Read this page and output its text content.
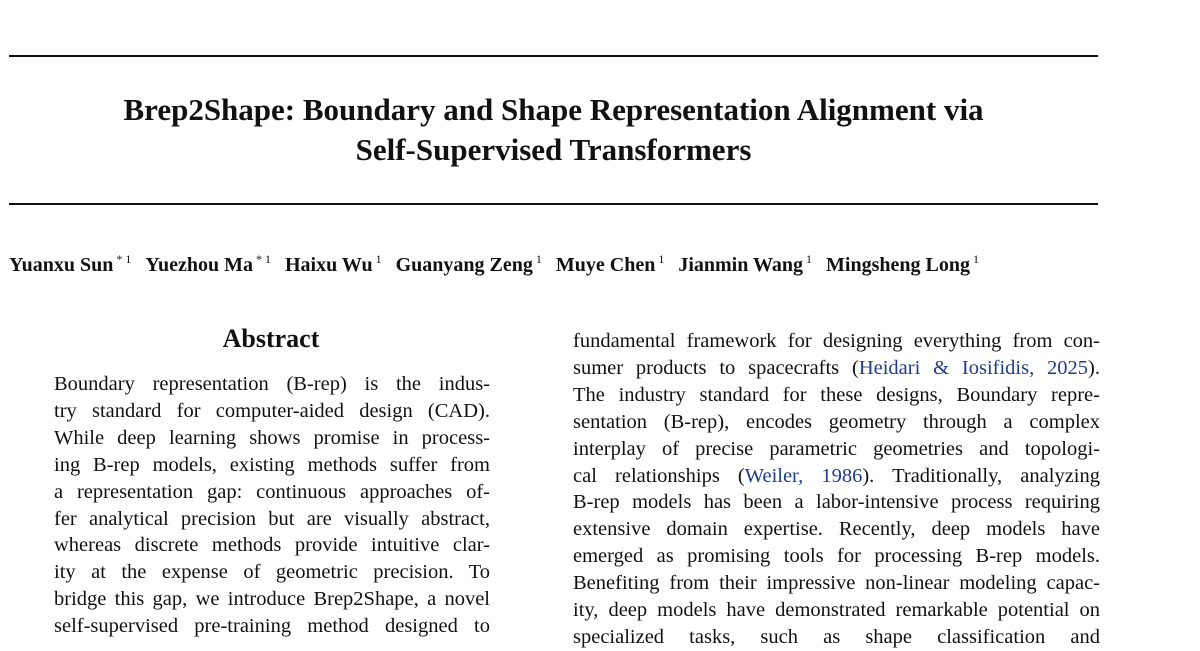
Brep2Shape: Boundary and Shape Representation Alignment via
Self-Supervised Transformers
Yuanxu Sun $^{* 1}$ Yuezhou Ma $^{* 1}$ Haixu Wu $^1$ Guanyang Zeng $^1$ Muye Chen $^1$ Jianmin Wang $^1$ Mingsheng Long $^1$
Abstract
Boundary representation (B-rep) is the indus-
try standard for computer-aided design (CAD).
While deep learning shows promise in process-
ing B-rep models, existing methods suffer from
a representation gap: continuous approaches of-
fer analytical precision but are visually abstract,
whereas discrete methods provide intuitive clar-
ity at the expense of geometric precision. To
bridge this gap, we introduce Brep2Shape, a novel
self-supervised pre-training method designed to
fundamental framework for designing everything from con-
sumer products to spacecrafts (Heidari & Iosifidis, 2025).
The industry standard for these designs, Boundary repre-
sentation (B-rep), encodes geometry through a complex
interplay of precise parametric geometries and topologi-
cal relationships (Weiler, 1986). Traditionally, analyzing
B-rep models has been a labor-intensive process requiring
extensive domain expertise. Recently, deep models have
emerged as promising tools for processing B-rep models.
Benefiting from their impressive non-linear modeling capac-
ity, deep models have demonstrated remarkable potential on
specialized tasks, such as shape classification and
